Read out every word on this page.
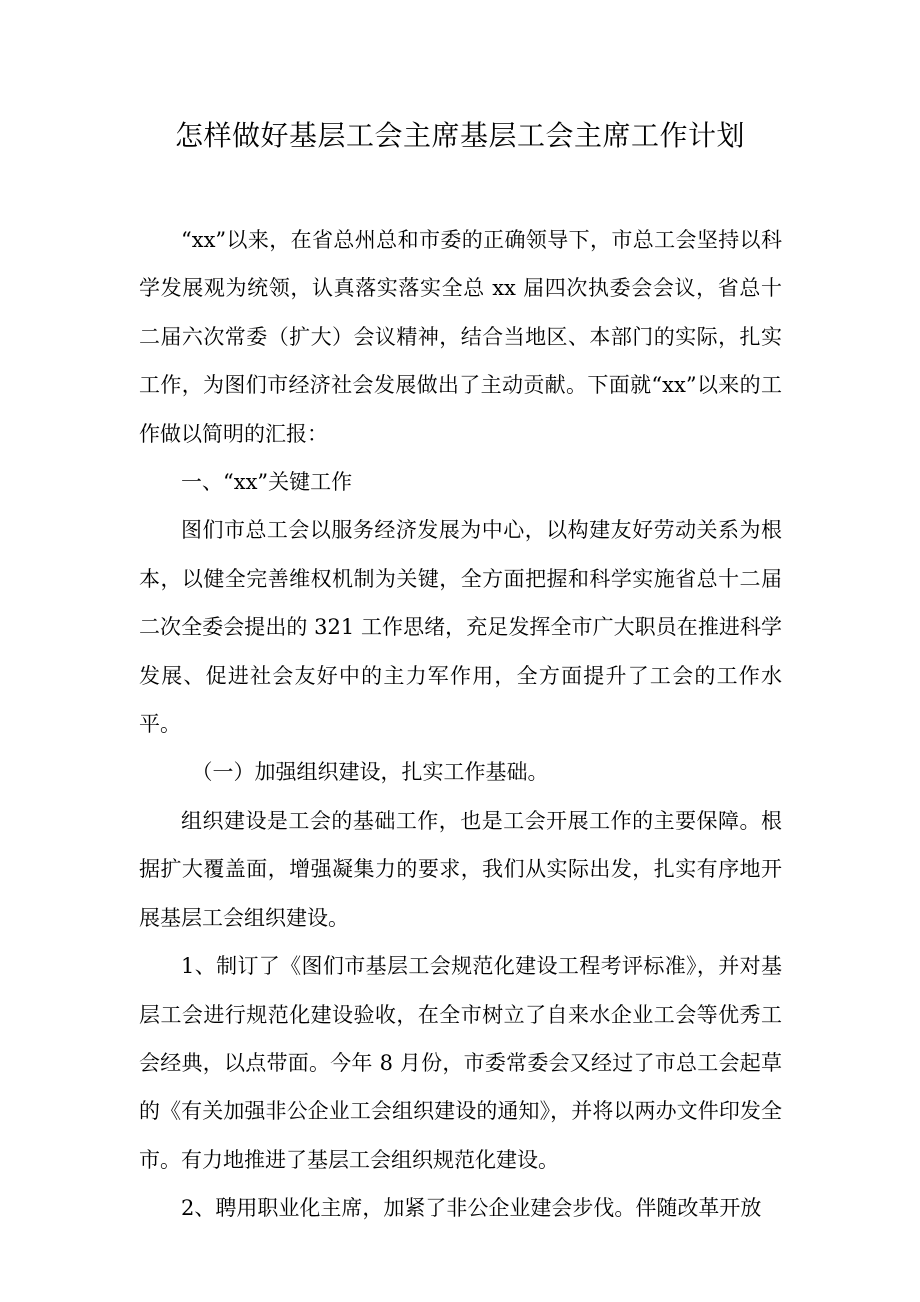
怎样做好基层工会主席基层工会主席工作计划

“xx”以来，在省总州总和市委的正确领导下，市总工会坚持以科学发展观为统领，认真落实落实全总 xx 届四次执委会会议，省总十二届六次常委（扩大）会议精神，结合当地区、本部门的实际，扎实工作，为图们市经济社会发展做出了主动贡献。下面就“xx”以来的工作做以简明的汇报：

一、“xx”关键工作

图们市总工会以服务经济发展为中心，以构建友好劳动关系为根本，以健全完善维权机制为关键，全方面把握和科学实施省总十二届二次全委会提出的 321 工作思绪，充足发挥全市广大职员在推进科学发展、促进社会友好中的主力军作用，全方面提升了工会的工作水平。

（一）加强组织建设，扎实工作基础。

组织建设是工会的基础工作，也是工会开展工作的主要保障。根据扩大覆盖面，增强凝集力的要求，我们从实际出发，扎实有序地开展基层工会组织建设。

1、制订了《图们市基层工会规范化建设工程考评标准》，并对基层工会进行规范化建设验收，在全市树立了自来水企业工会等优秀工会经典，以点带面。今年 8 月份，市委常委会又经过了市总工会起草的《有关加强非公企业工会组织建设的通知》，并将以两办文件印发全市。有力地推进了基层工会组织规范化建设。

2、聘用职业化主席，加紧了非公企业建会步伐。伴随改革开放
